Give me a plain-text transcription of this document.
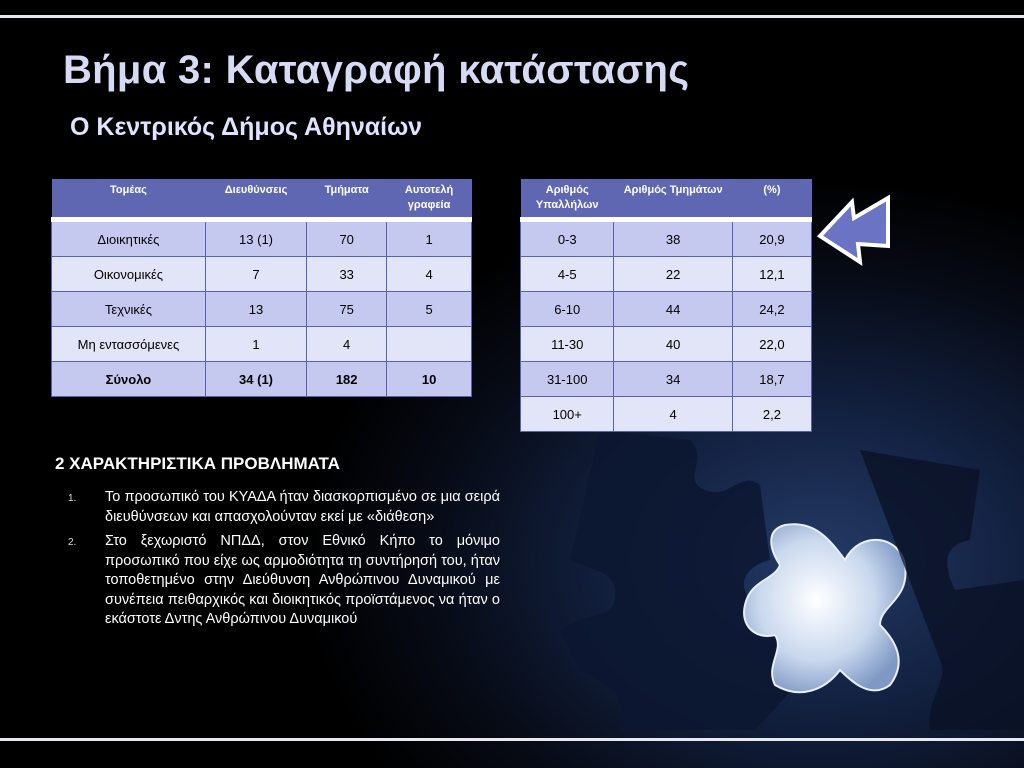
Βήμα 3: Καταγραφή κατάστασης
Ο Κεντρικός Δήμος Αθηναίων
Τομέας	Διευθύνσεις	Τμήματα	Αυτοτελή γραφεία
Διοικητικές	13 (1)	70	1
Οικονομικές	7	33	4
Τεχνικές	13	75	5
Μη εντασσόμενες	1	4	
Σύνολο	34 (1)	182	10
Αριθμός Υπαλλήλων	Αριθμός Τμημάτων	(%)
0-3	38	20,9
4-5	22	12,1
6-10	44	24,2
11-30	40	22,0
31-100	34	18,7
100+	4	2,2
2 ΧΑΡΑΚΤΗΡΙΣΤΙΚΑ ΠΡΟΒΛΗΜΑΤΑ
1. Το προσωπικό του ΚΥΑΔΑ ήταν διασκορπισμένο σε μια σειρά διευθύνσεων και απασχολούνταν εκεί με «διάθεση»
2. Στο ξεχωριστό ΝΠΔΔ, στον Εθνικό Κήπο το μόνιμο προσωπικό που είχε ως αρμοδιότητα τη συντήρησή του, ήταν τοποθετημένο στην Διεύθυνση Ανθρώπινου Δυναμικού με συνέπεια πειθαρχικός και διοικητικός προϊστάμενος να ήταν ο εκάστοτε Δντης Ανθρώπινου Δυναμικού
